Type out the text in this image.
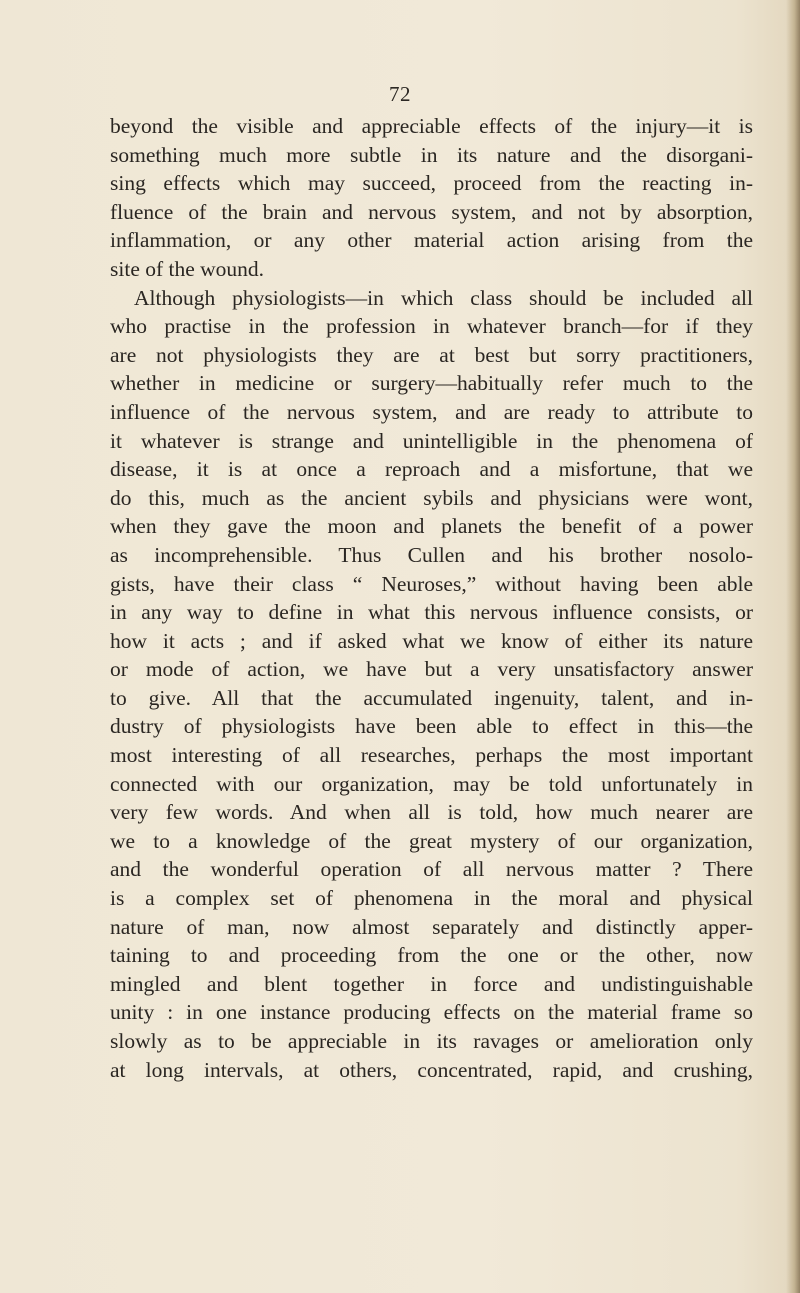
72
beyond the visible and appreciable effects of the injury—it is
something much more subtle in its nature and the disorgani-
sing effects which may succeed, proceed from the reacting in-
fluence of the brain and nervous system, and not by absorption,
inflammation, or any other material action arising from the
site of the wound.
Although physiologists—in which class should be included all
who practise in the profession in whatever branch—for if they
are not physiologists they are at best but sorry practitioners,
whether in medicine or surgery—habitually refer much to the
influence of the nervous system, and are ready to attribute to
it whatever is strange and unintelligible in the phenomena of
disease, it is at once a reproach and a misfortune, that we
do this, much as the ancient sybils and physicians were wont,
when they gave the moon and planets the benefit of a power
as incomprehensible. Thus Cullen and his brother nosolo-
gists, have their class “ Neuroses,” without having been able
in any way to define in what this nervous influence consists, or
how it acts ; and if asked what we know of either its nature
or mode of action, we have but a very unsatisfactory answer
to give. All that the accumulated ingenuity, talent, and in-
dustry of physiologists have been able to effect in this—the
most interesting of all researches, perhaps the most important
connected with our organization, may be told unfortunately in
very few words. And when all is told, how much nearer are
we to a knowledge of the great mystery of our organization,
and the wonderful operation of all nervous matter ? There
is a complex set of phenomena in the moral and physical
nature of man, now almost separately and distinctly apper-
taining to and proceeding from the one or the other, now
mingled and blent together in force and undistinguishable
unity : in one instance producing effects on the material frame so
slowly as to be appreciable in its ravages or amelioration only
at long intervals, at others, concentrated, rapid, and crushing,
